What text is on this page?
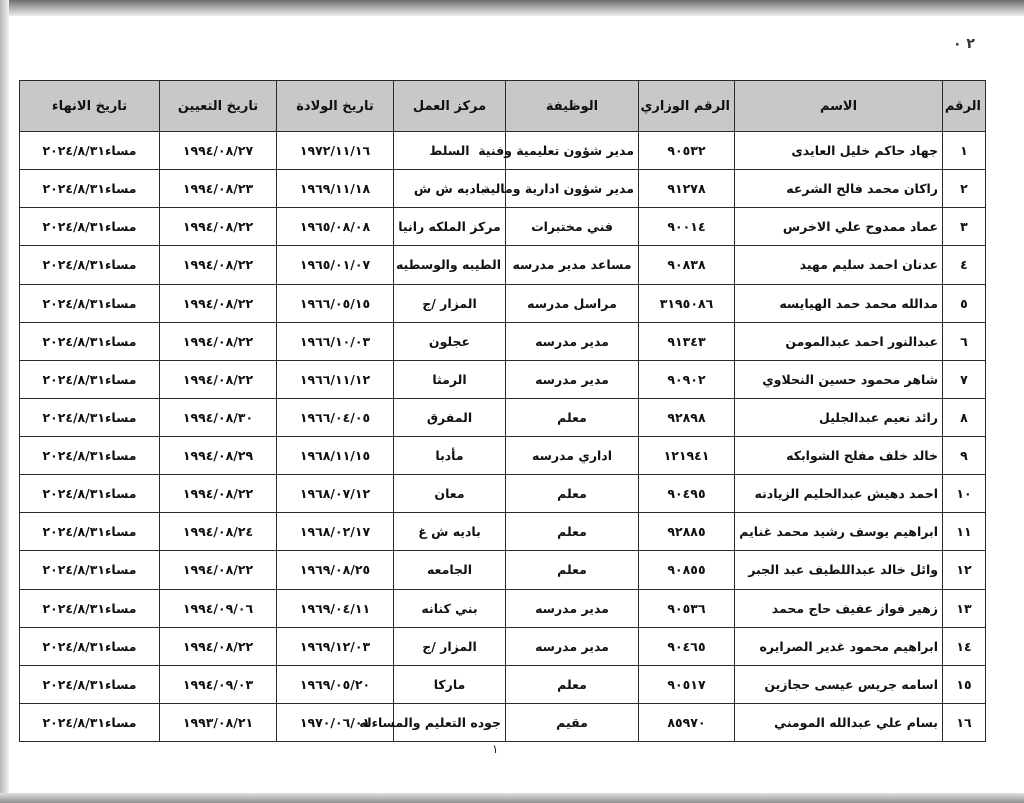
٢ ٠
الرقم	الاسم	الرقم الوزاري	الوظيفة	مركز العمل	تاريخ الولادة	تاريخ التعيين	تاريخ الانهاء
١	جهاد حاكم خليل العايدى	٩٠٥٣٢	مدير شؤون تعليمية وفنية	السلط	١٩٧٢/١١/١٦	١٩٩٤/٠٨/٢٧	مساء٢٠٢٤/٨/٣١
٢	راكان محمد فالح الشرعه	٩١٢٧٨	مدير شؤون ادارية ومالية	باديه ش ش	١٩٦٩/١١/١٨	١٩٩٤/٠٨/٢٣	مساء٢٠٢٤/٨/٣١
٣	عماد ممدوح علي الاخرس	٩٠٠١٤	فني مختبرات	مركز الملكه رانيا	١٩٦٥/٠٨/٠٨	١٩٩٤/٠٨/٢٢	مساء٢٠٢٤/٨/٣١
٤	عدنان احمد سليم مهيد	٩٠٨٣٨	مساعد مدير مدرسه	الطيبه والوسطيه	١٩٦٥/٠١/٠٧	١٩٩٤/٠٨/٢٢	مساء٢٠٢٤/٨/٣١
٥	مدالله محمد حمد الهيايسه	٣١٩٥٠٨٦	مراسل مدرسه	المزار /ج	١٩٦٦/٠٥/١٥	١٩٩٤/٠٨/٢٢	مساء٢٠٢٤/٨/٣١
٦	عبدالنور احمد عبدالمومن	٩١٣٤٣	مدير مدرسه	عجلون	١٩٦٦/١٠/٠٣	١٩٩٤/٠٨/٢٢	مساء٢٠٢٤/٨/٣١
٧	شاهر محمود حسين النحلاوي	٩٠٩٠٢	مدير مدرسه	الرمثا	١٩٦٦/١١/١٢	١٩٩٤/٠٨/٢٢	مساء٢٠٢٤/٨/٣١
٨	رائد نعيم عبدالجليل	٩٢٨٩٨	معلم	المفرق	١٩٦٦/٠٤/٠٥	١٩٩٤/٠٨/٣٠	مساء٢٠٢٤/٨/٣١
٩	خالد خلف مفلح الشوابكه	١٢١٩٤١	اداري مدرسه	مأدبا	١٩٦٨/١١/١٥	١٩٩٤/٠٨/٢٩	مساء٢٠٢٤/٨/٣١
١٠	احمد دهيش عبدالحليم الزيادنه	٩٠٤٩٥	معلم	معان	١٩٦٨/٠٧/١٢	١٩٩٤/٠٨/٢٢	مساء٢٠٢٤/٨/٣١
١١	ابراهيم يوسف رشيد محمد غنايم	٩٢٨٨٥	معلم	باديه ش غ	١٩٦٨/٠٢/١٧	١٩٩٤/٠٨/٢٤	مساء٢٠٢٤/٨/٣١
١٢	وائل خالد عبداللطيف عبد الجبر	٩٠٨٥٥	معلم	الجامعه	١٩٦٩/٠٨/٢٥	١٩٩٤/٠٨/٢٢	مساء٢٠٢٤/٨/٣١
١٣	زهير فواز عفيف حاج محمد	٩٠٥٣٦	مدير مدرسه	بني كنانه	١٩٦٩/٠٤/١١	١٩٩٤/٠٩/٠٦	مساء٢٠٢٤/٨/٣١
١٤	ابراهيم محمود غدير الصرايره	٩٠٤٦٥	مدير مدرسه	المزار /ج	١٩٦٩/١٢/٠٣	١٩٩٤/٠٨/٢٢	مساء٢٠٢٤/٨/٣١
١٥	اسامه جريس عيسى حجازين	٩٠٥١٧	معلم	ماركا	١٩٦٩/٠٥/٢٠	١٩٩٤/٠٩/٠٣	مساء٢٠٢٤/٨/٣١
١٦	بسام علي عبدالله المومني	٨٥٩٧٠	مقيم	جوده التعليم والمساءله	١٩٧٠/٠٦/٠١	١٩٩٣/٠٨/٢١	مساء٢٠٢٤/٨/٣١
١
